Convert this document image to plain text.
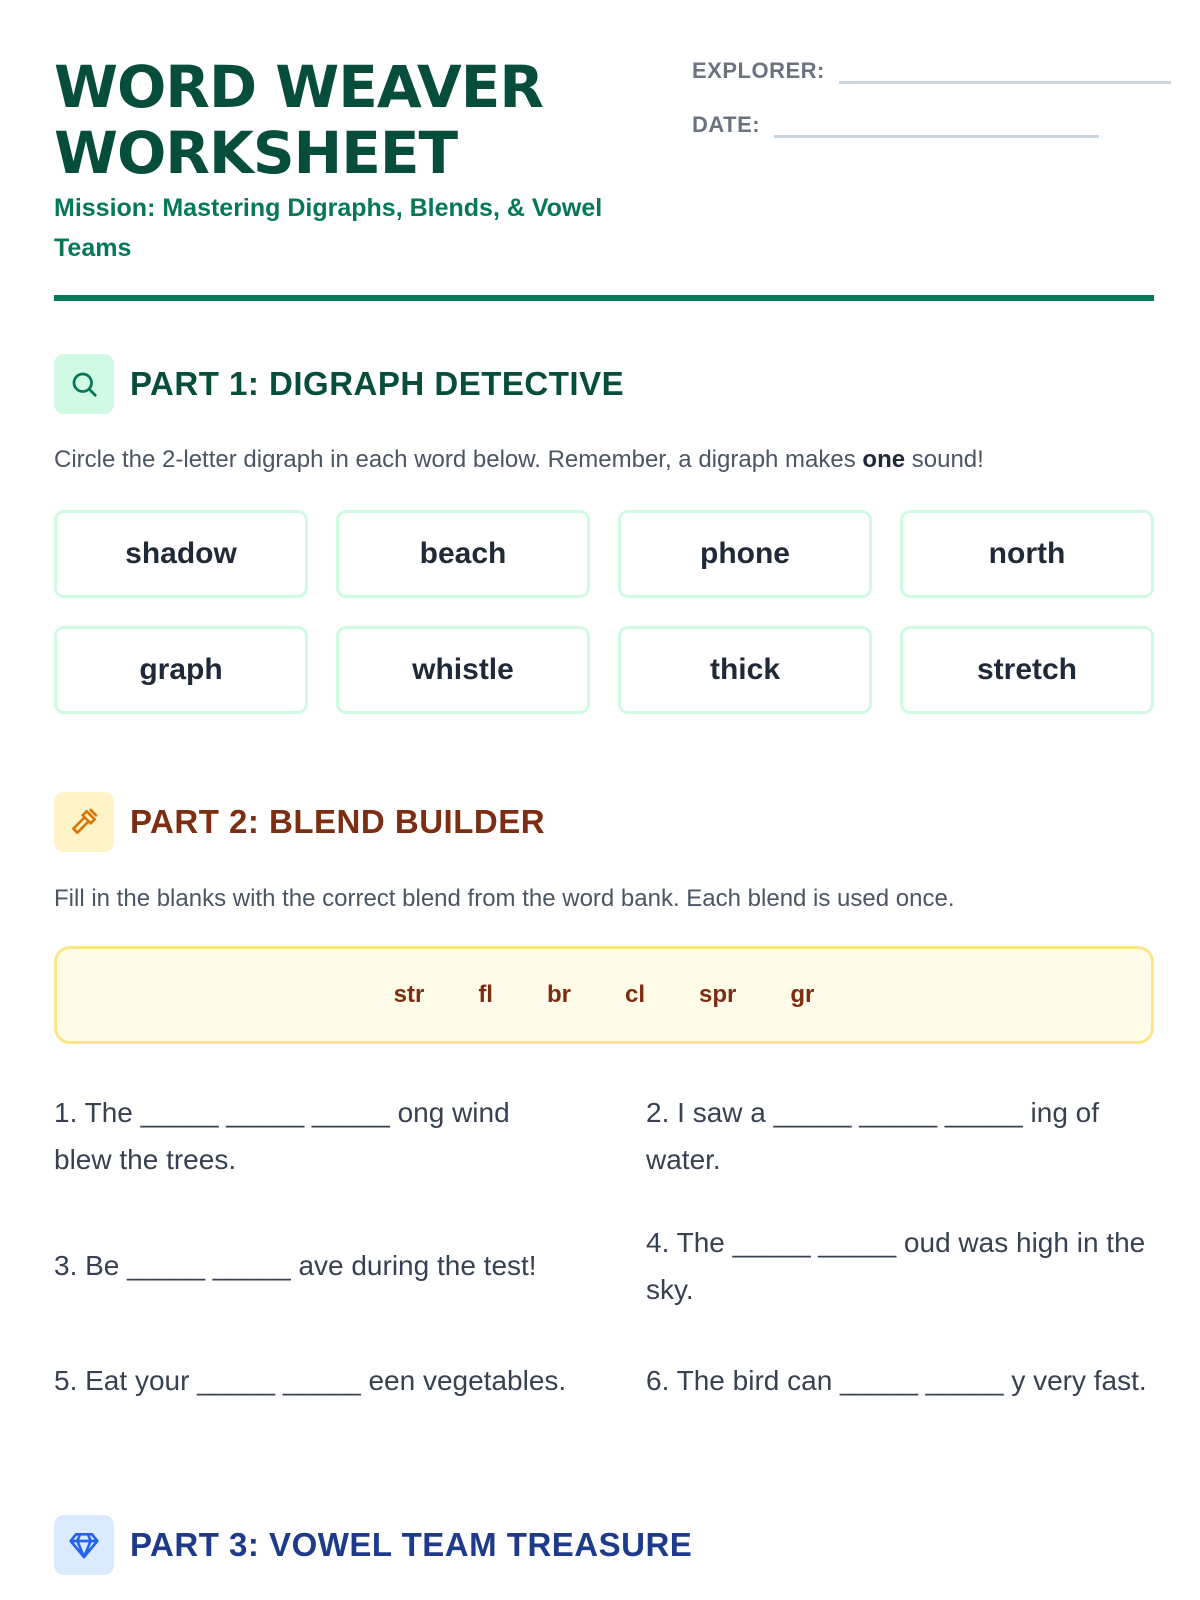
WORD WEAVER
WORKSHEET
Mission: Mastering Digraphs, Blends, & Vowel Teams
EXPLORER:
DATE:
PART 1: DIGRAPH DETECTIVE
Circle the 2-letter digraph in each word below. Remember, a digraph makes one sound!
shadow	beach	phone	north
graph	whistle	thick	stretch
PART 2: BLEND BUILDER
Fill in the blanks with the correct blend from the word bank. Each blend is used once.
str fl br cl spr gr
1. The _____ _____ _____ ong wind blew the trees.
2. I saw a _____ _____ _____ ing of water.
3. Be _____ _____ ave during the test!
4. The _____ _____ oud was high in the sky.
5. Eat your _____ _____ een vegetables.	6. The bird can _____ _____ y very fast.
PART 3: VOWEL TEAM TREASURE
